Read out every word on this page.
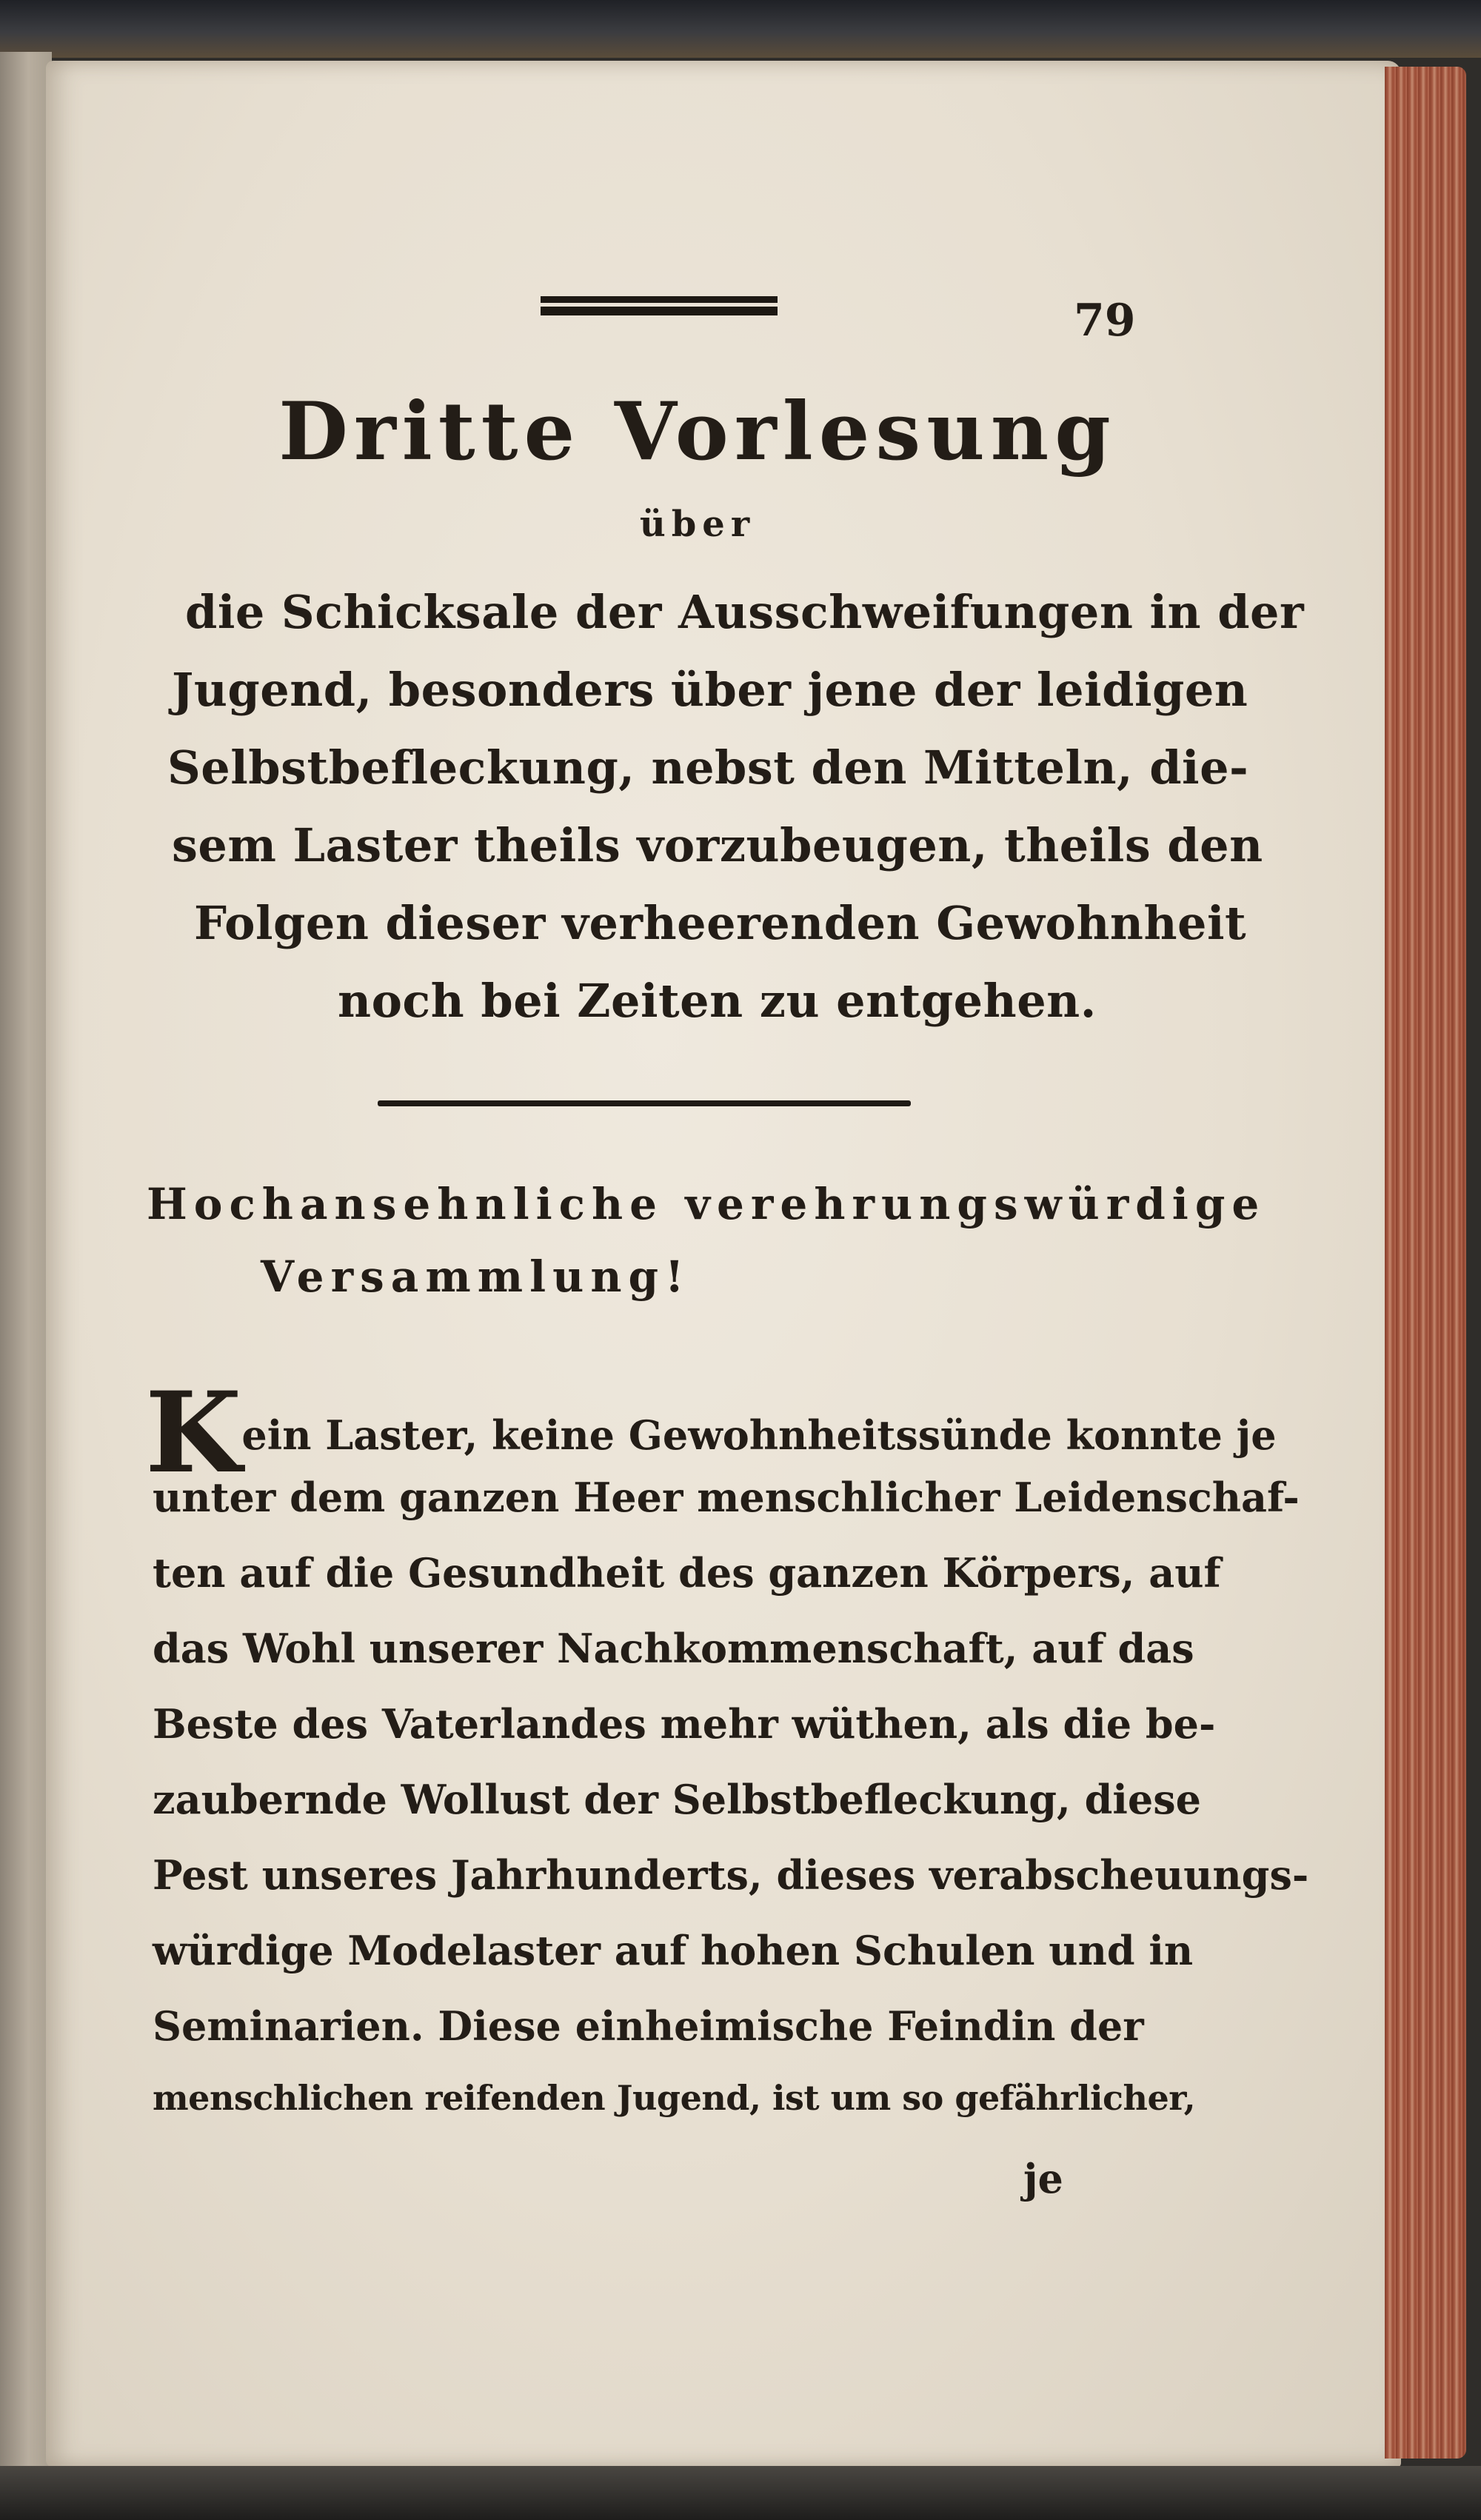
79
Dritte Vorlesung
über
die Schicksale der Ausschweifungen in der
Jugend, besonders über jene der leidigen
Selbstbefleckung, nebst den Mitteln, die-
sem Laster theils vorzubeugen, theils den
Folgen dieser verheerenden Gewohnheit
noch bei Zeiten zu entgehen.
Hochansehnliche verehrungswürdige
Versammlung!
Kein Laster, keine Gewohnheitssünde konnte je
unter dem ganzen Heer menschlicher Leidenschaf-
ten auf die Gesundheit des ganzen Körpers, auf
das Wohl unserer Nachkommenschaft, auf das
Beste des Vaterlandes mehr wüthen, als die be-
zaubernde Wollust der Selbstbefleckung, diese
Pest unseres Jahrhunderts, dieses verabscheuungs-
würdige Modelaster auf hohen Schulen und in
Seminarien. Diese einheimische Feindin der
menschlichen reifenden Jugend, ist um so gefährlicher,
je
